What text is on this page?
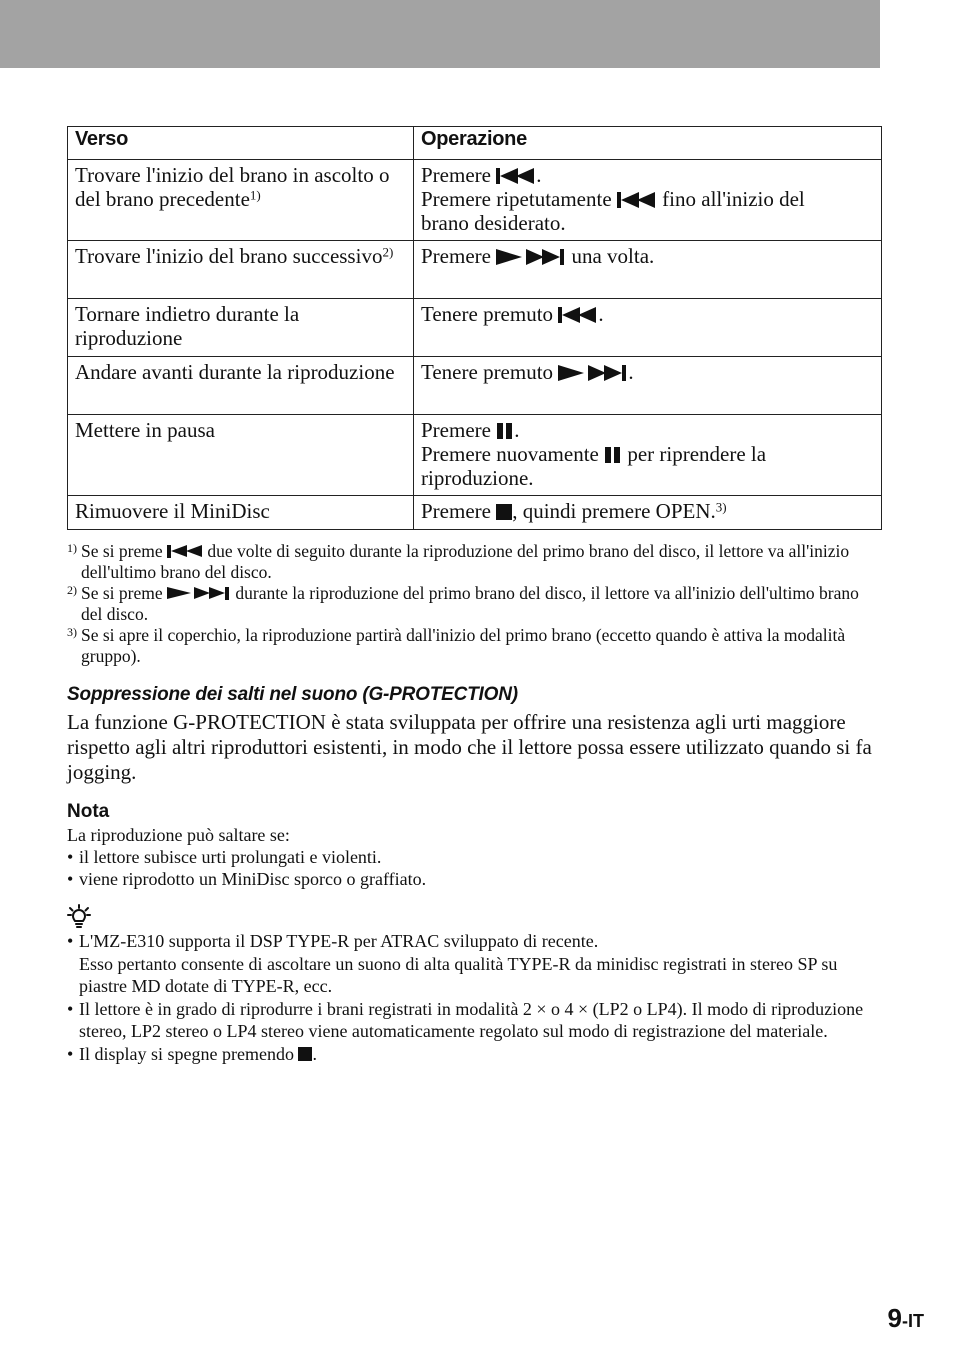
Verso	Operazione
Trovare l'inizio del brano in ascolto o del brano precedente$^{1)}$	Premere .
Premere ripetutamente fino all'inizio del
brano desiderato.

Trovare l'inizio del brano successivo$^{2)}$	Premere una volta.
Tornare indietro durante la riproduzione	Tenere premuto .
Andare avanti durante la riproduzione	Tenere premuto .
Mettere in pausa	Premere .
Premere nuovamente per riprendere la
riproduzione.

Rimuovere il MiniDisc	Premere , quindi premere OPEN.$^{3)}$
1) Se si preme	due volte di seguito durante la riproduzione del primo brano del disco, il lettore va all'inizio dell'ultimo brano del disco.
2) Se si preme	durante la riproduzione del primo brano del disco, il lettore va all'inizio dell'ultimo brano del disco.
3) Se si apre il coperchio, la riproduzione partirà dall'inizio del primo brano (eccetto quando è attiva la modalità gruppo).
Soppressione dei salti nel suono (G-PROTECTION)

La funzione G-PROTECTION è stata sviluppata per offrire una resistenza agli urti maggiore rispetto agli altri riproduttori esistenti, in modo che il lettore possa essere utilizzato quando si fa jogging.

Nota
La riproduzione può saltare se:
• il lettore subisce urti prolungati e violenti.
• viene riprodotto un MiniDisc sporco o graffiato.
• L'MZ-E310 supporta il DSP TYPE-R per ATRAC sviluppato di recente.
Esso pertanto consente di ascoltare un suono di alta qualità TYPE-R da minidisc registrati in stereo SP su piastre MD dotate di TYPE-R, ecc.
• Il lettore è in grado di riprodurre i brani registrati in modalità 2 × o 4 × (LP2 o LP4). Il modo di riproduzione stereo, LP2 stereo o LP4 stereo viene automaticamente regolato sul modo di registrazione del materiale.
• Il display si spegne premendo .
9-IT
